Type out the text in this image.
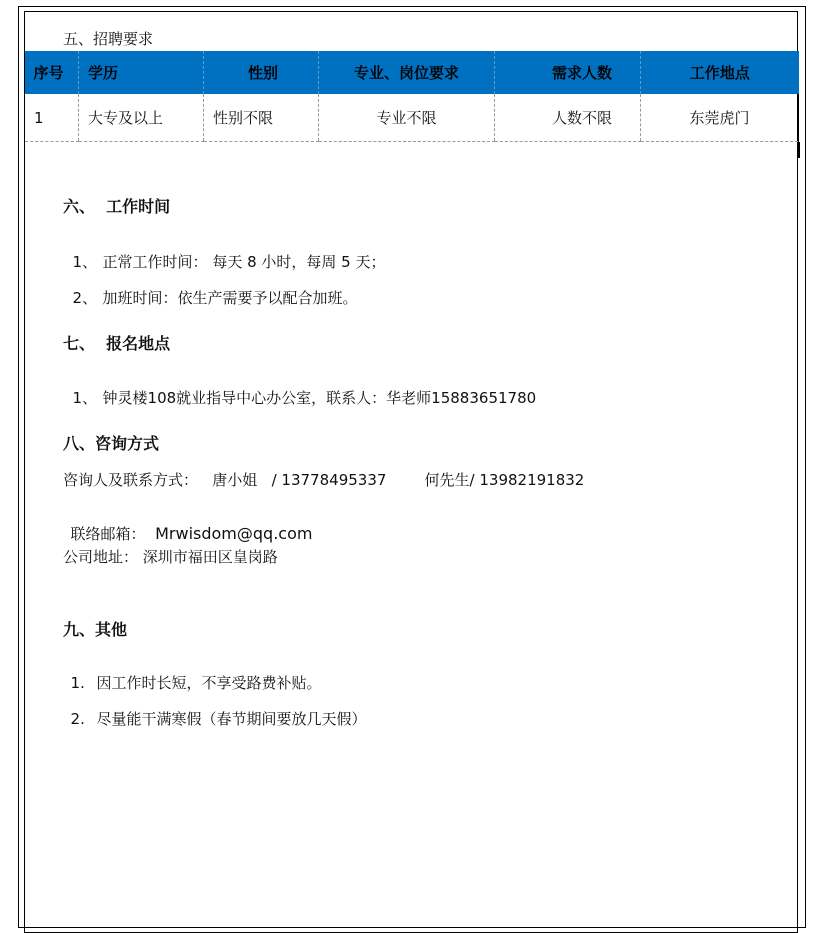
五、招聘要求
序号	学历	性别	专业、岗位要求	需求人数	工作地点
1	大专及以上	性别不限	专业不限	人数不限	东莞虎门
六、  工作时间

1、 正常工作时间： 每天 8 小时，每周 5 天；

2、 加班时间：依生产需要予以配合加班。

七、  报名地点

1、 钟灵楼108就业指导中心办公室，联系人：华老师15883651780

八、咨询方式
咨询人及联系方式：   唐小姐   / 13778495337        何先生/ 13982191832

联络邮箱： Mrwisdom@qq.com

公司地址： 深圳市福田区皇岗路
九、其他

1. 因工作时长短，不享受路费补贴。

2. 尽量能干满寒假（春节期间要放几天假）
